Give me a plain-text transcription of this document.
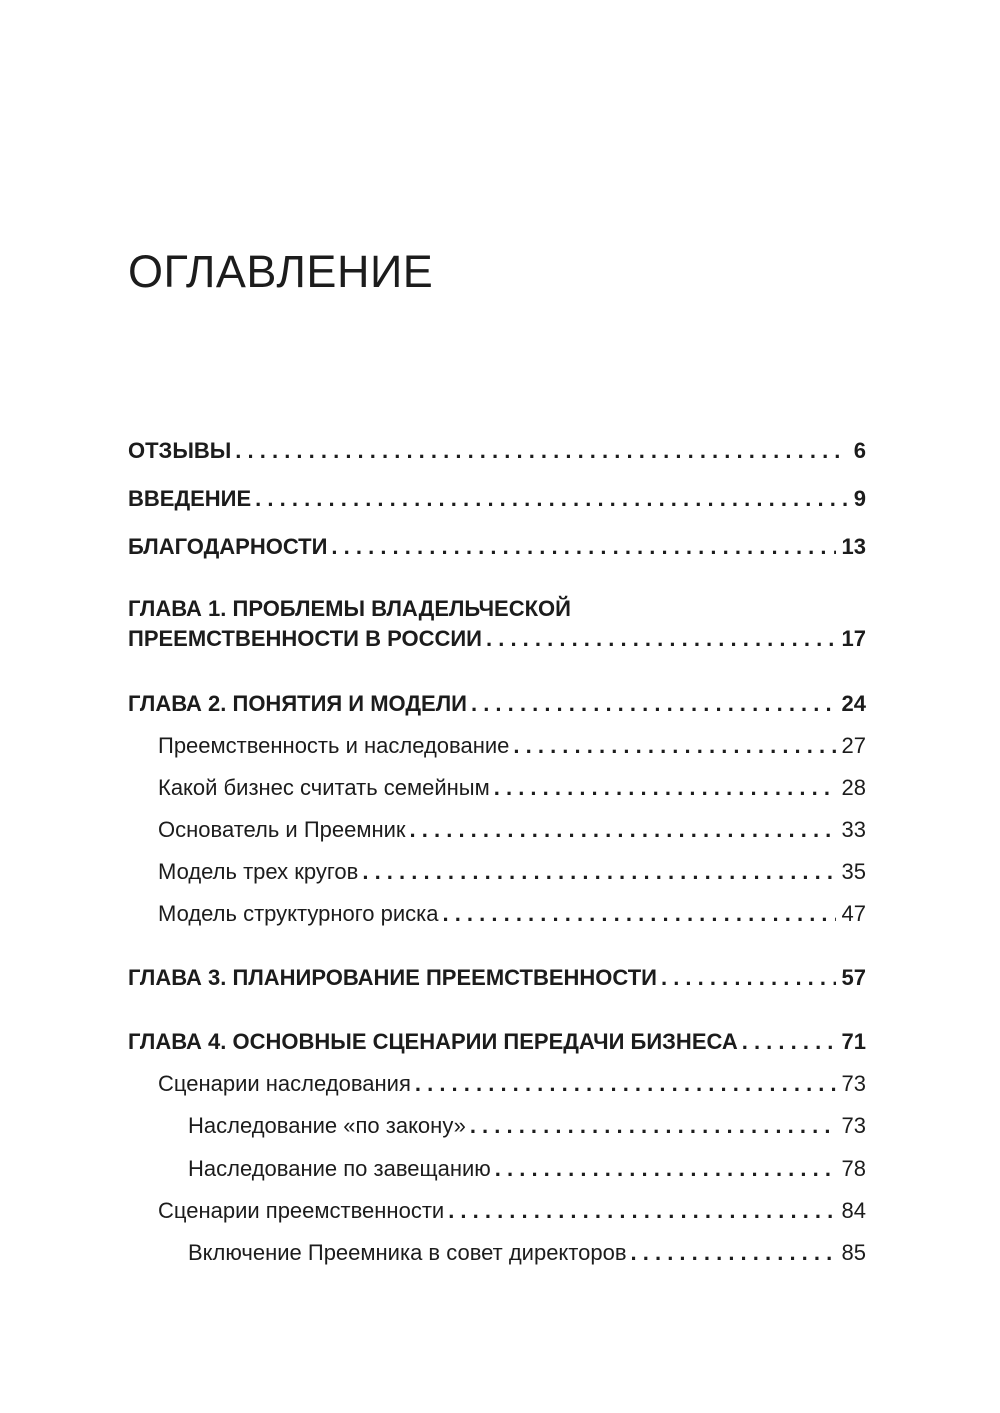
ОГЛАВЛЕНИЕ
ОТЗЫВЫ . . .	6
ВВЕДЕНИЕ . . .	9
БЛАГОДАРНОСТИ . . .	13
ГЛАВА 1. ПРОБЛЕМЫ ВЛАДЕЛЬЧЕСКОЙ
ПРЕЕМСТВЕННОСТИ В РОССИИ . . .	17
ГЛАВА 2. ПОНЯТИЯ И МОДЕЛИ . . .	24
Преемственность и наследование . . .	27
Какой бизнес считать семейным . . .	28
Основатель и Преемник . . .	33
Модель трех кругов . . .	35
Модель структурного риска . . .	47
ГЛАВА 3. ПЛАНИРОВАНИЕ ПРЕЕМСТВЕННОСТИ . . .	57
ГЛАВА 4. ОСНОВНЫЕ СЦЕНАРИИ ПЕРЕДАЧИ БИЗНЕСА . . .	71
Сценарии наследования . . .	73
Наследование «по закону» . . .	73
Наследование по завещанию . . .	78
Сценарии преемственности . . .	84
Включение Преемника в совет директоров . . .	85
